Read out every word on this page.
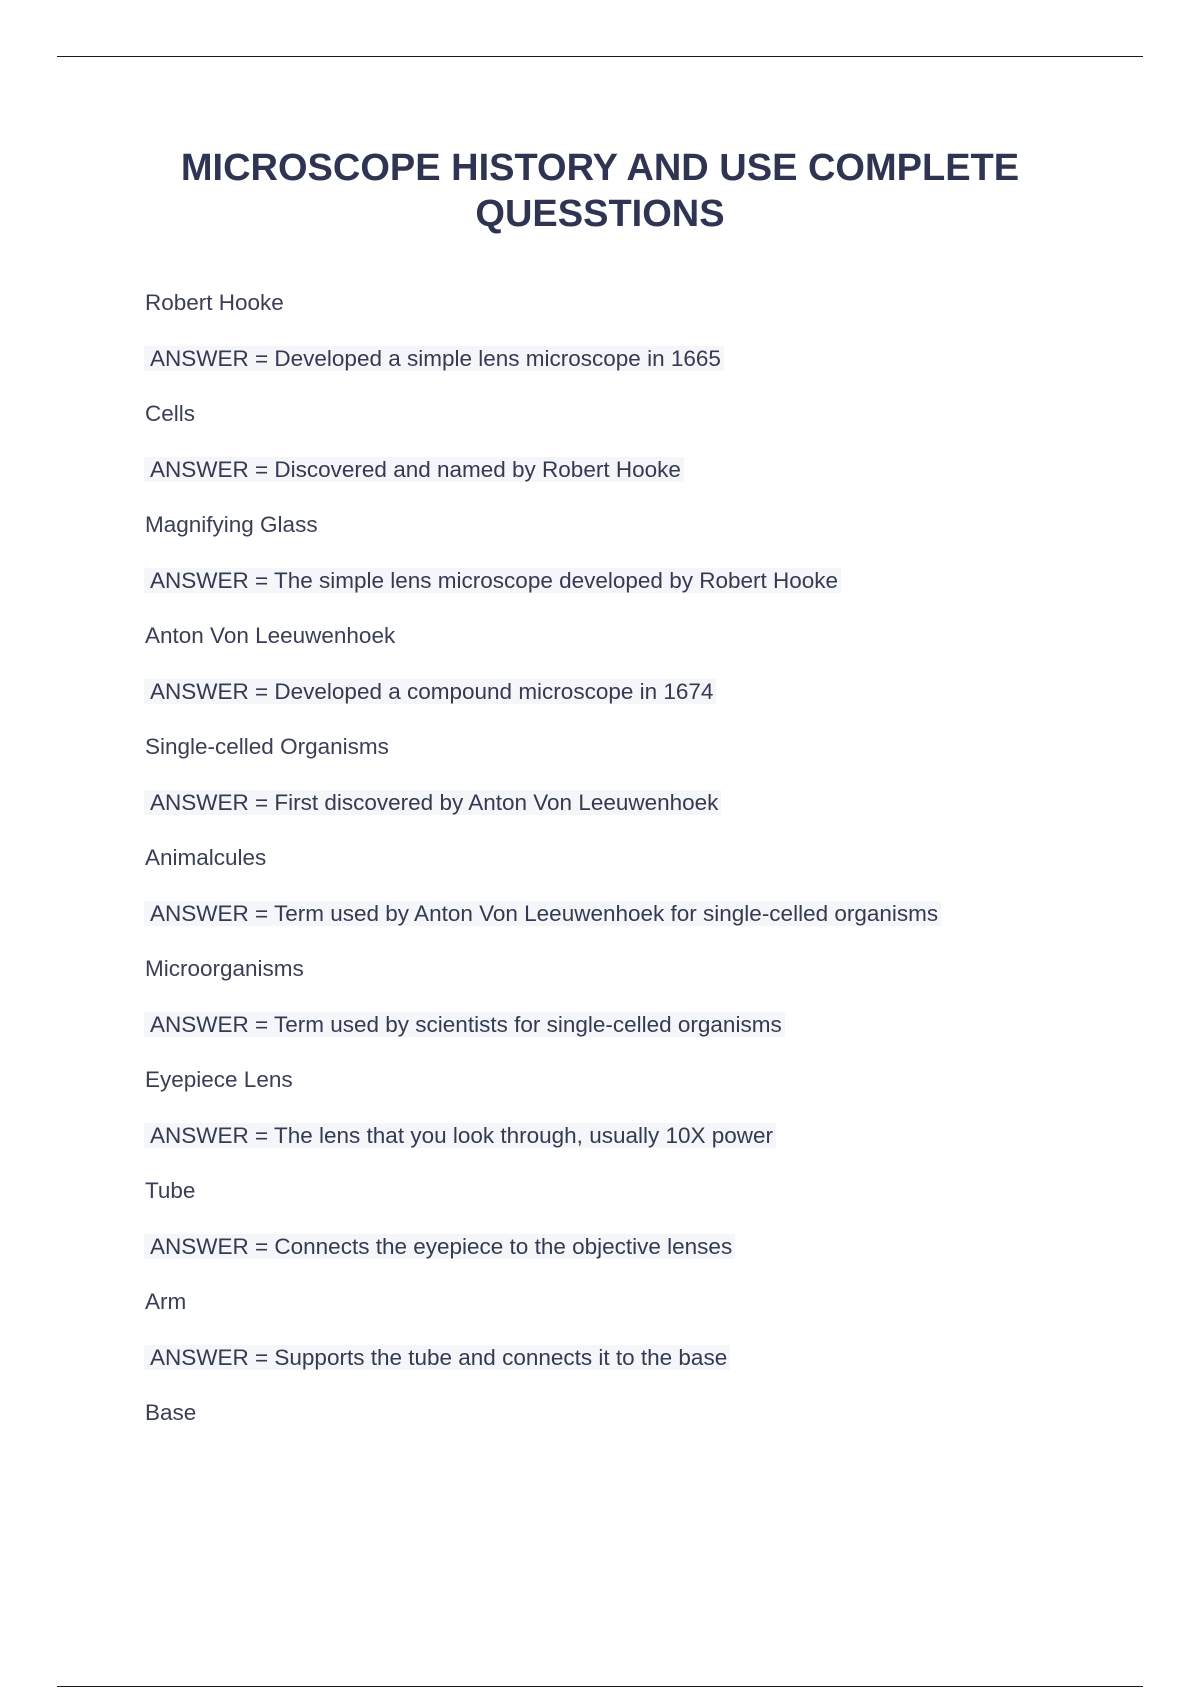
MICROSCOPE HISTORY AND USE COMPLETE
QUESSTIONS
Robert Hooke
ANSWER = Developed a simple lens microscope in 1665
Cells
ANSWER = Discovered and named by Robert Hooke
Magnifying Glass
ANSWER = The simple lens microscope developed by Robert Hooke
Anton Von Leeuwenhoek
ANSWER = Developed a compound microscope in 1674
Single-celled Organisms
ANSWER = First discovered by Anton Von Leeuwenhoek
Animalcules
ANSWER = Term used by Anton Von Leeuwenhoek for single-celled organisms
Microorganisms
ANSWER = Term used by scientists for single-celled organisms
Eyepiece Lens
ANSWER = The lens that you look through, usually 10X power
Tube
ANSWER = Connects the eyepiece to the objective lenses
Arm
ANSWER = Supports the tube and connects it to the base
Base
